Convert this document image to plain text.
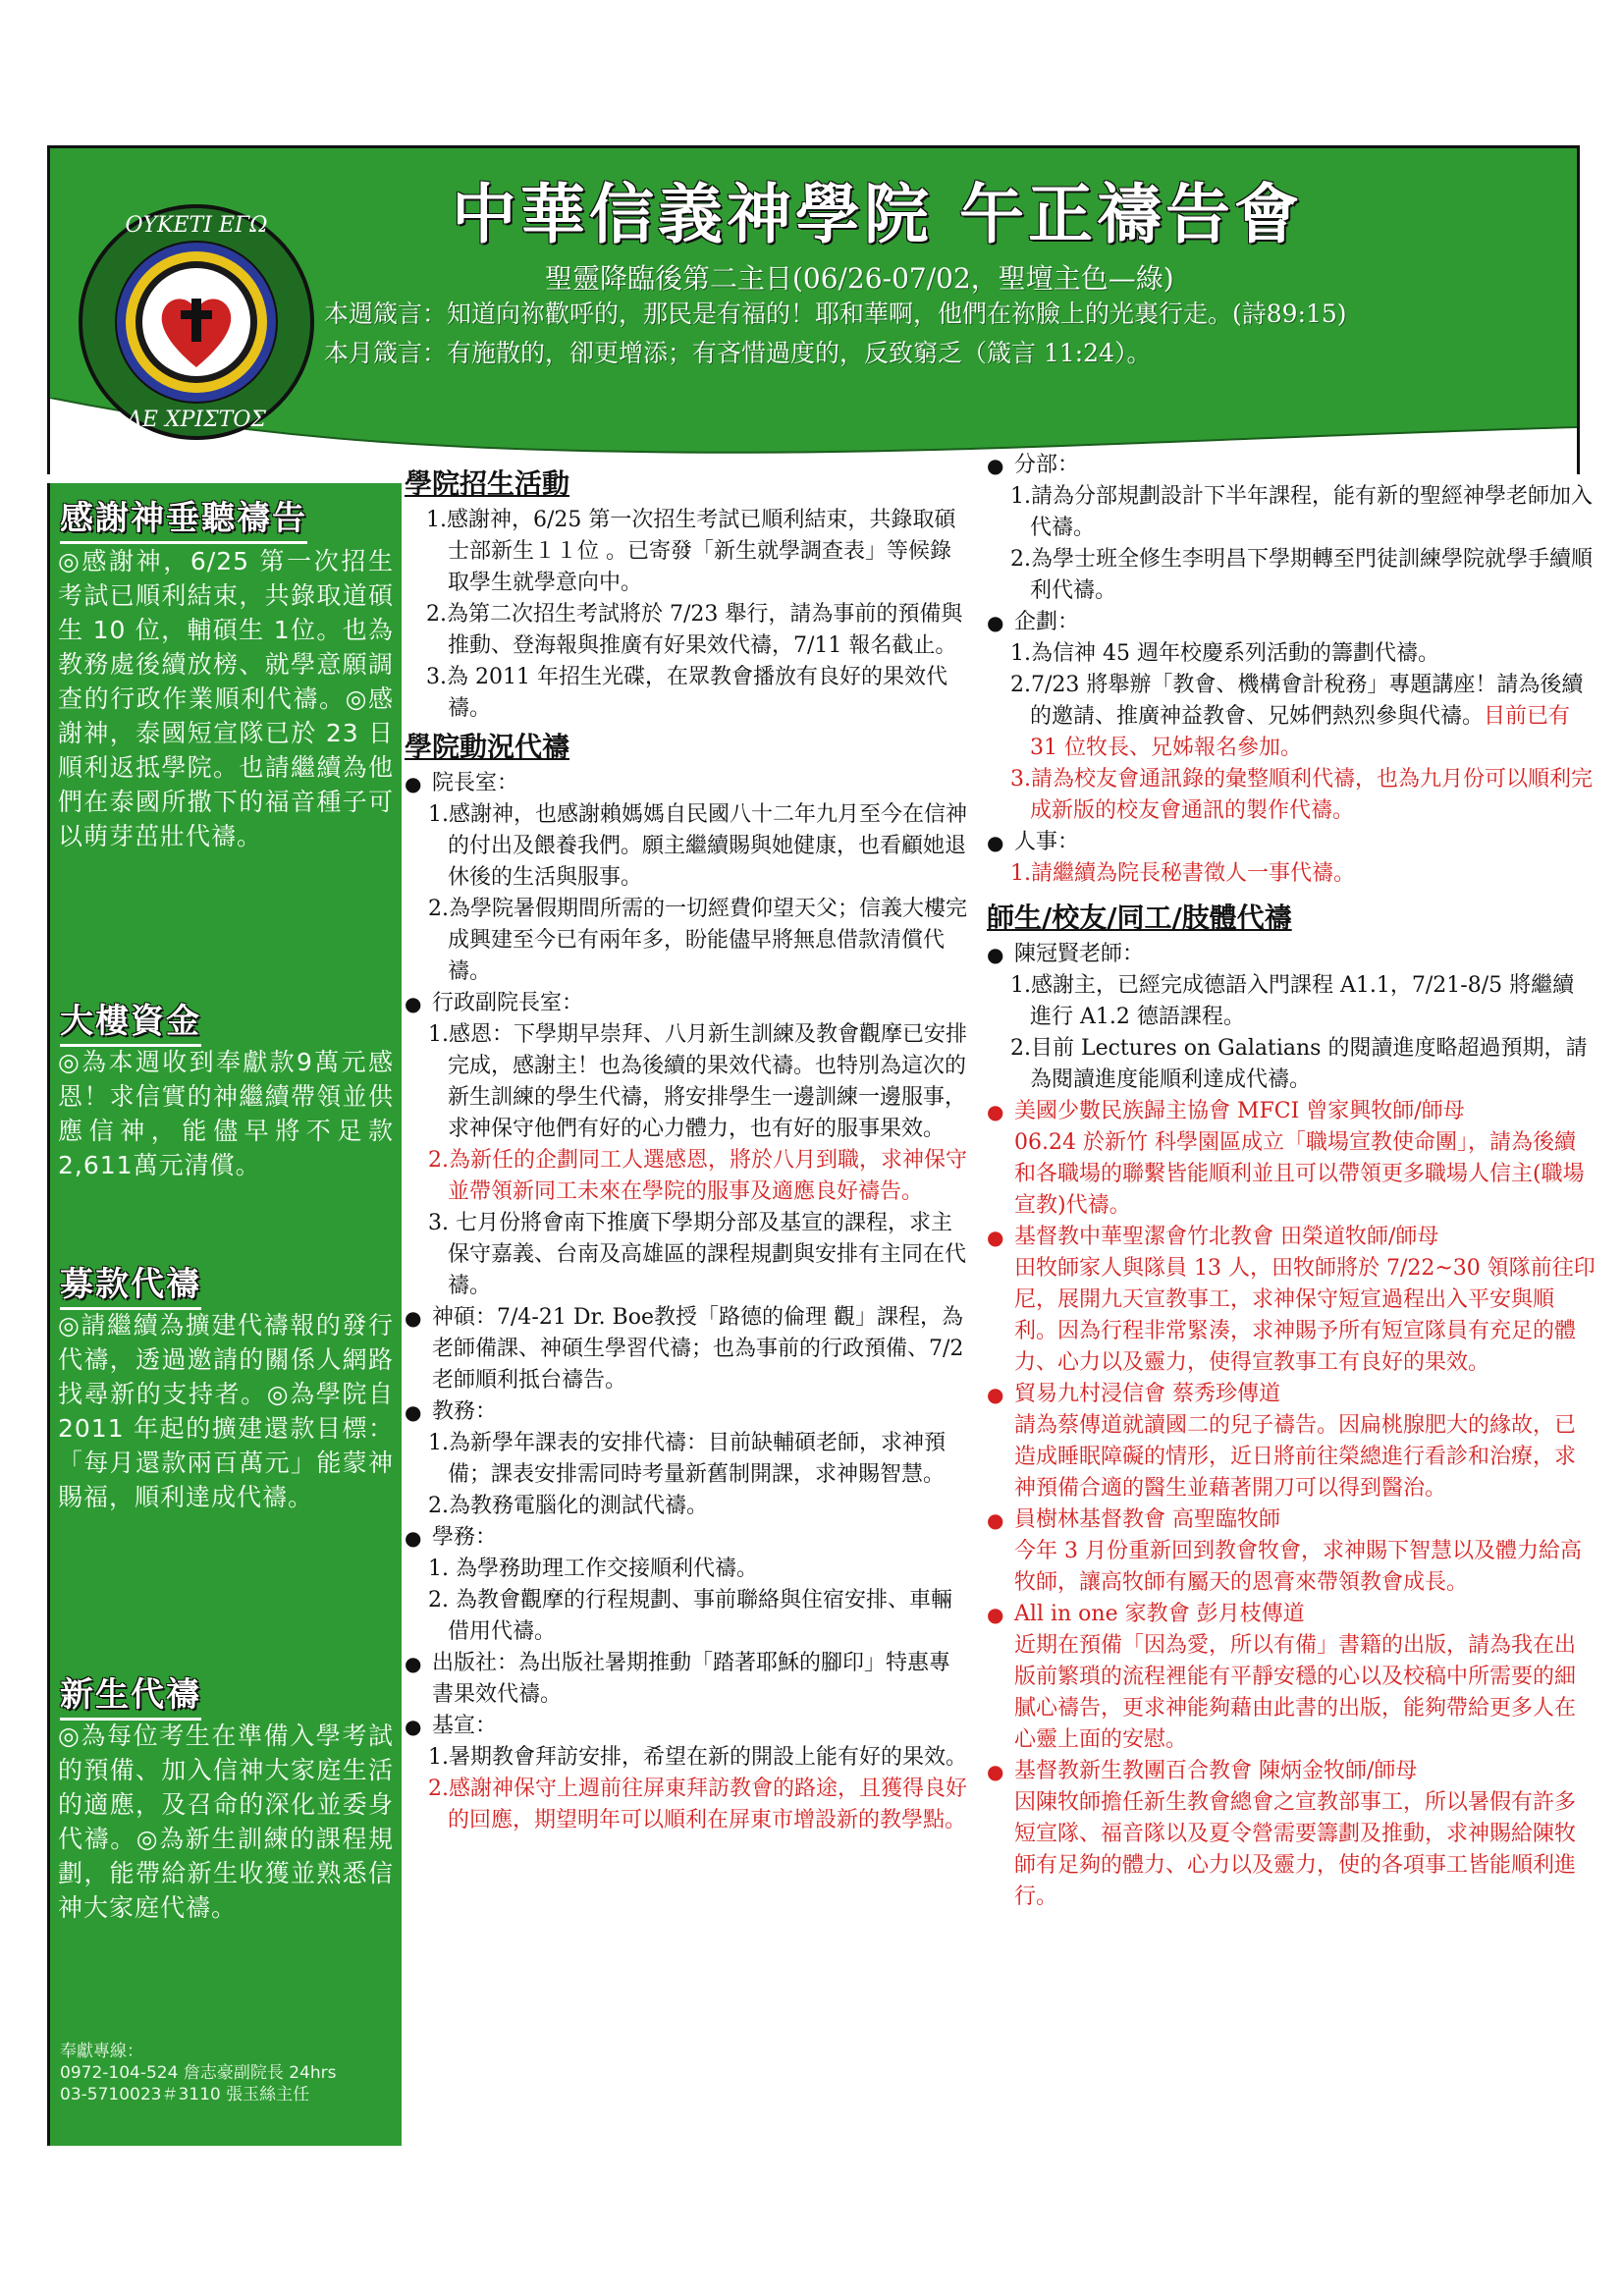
ΟΥΚΕΤΙ ΕΓΩ
ΔΕ ΧΡΙΣΤΟΣ
中華信義神學院 午正禱告會
聖靈降臨後第二主日(06/26-07/02，聖壇主色—綠)
本週箴言：知道向祢歡呼的，那民是有福的！耶和華啊，他們在祢臉上的光裏行走。(詩89:15)
本月箴言：有施散的，卻更增添；有吝惜過度的，反致窮乏（箴言 11:24）。
感謝神垂聽禱告
◎感謝神，6/25 第一次招生考試已順利結束，共錄取道碩生 10 位，輔碩生 1位。也為教務處後續放榜、就學意願調查的行政作業順利代禱。◎感謝神，泰國短宣隊已於 23 日順利返抵學院。也請繼續為他們在泰國所撒下的福音種子可以萌芽茁壯代禱。
大樓資金
◎為本週收到奉獻款9萬元感恩！求信實的神繼續帶領並供應信神，能儘早將不足款2,611萬元清償。
募款代禱
◎請繼續為擴建代禱報的發行代禱，透過邀請的關係人網路找尋新的支持者。◎為學院自 2011 年起的擴建還款目標：「每月還款兩百萬元」能蒙神賜福，順利達成代禱。
新生代禱
◎為每位考生在準備入學考試的預備、加入信神大家庭生活的適應，及召命的深化並委身代禱。◎為新生訓練的課程規劃，能帶給新生收獲並熟悉信神大家庭代禱。
奉獻專線：
0972-104-524 詹志豪副院長 24hrs
03-5710023＃3110 張玉絲主任
學院招生活動
1.感謝神，6/25 第一次招生考試已順利結束，共錄取碩士部新生１１位 。已寄發「新生就學調查表」等候錄取學生就學意向中。
2.為第二次招生考試將於 7/23 舉行，請為事前的預備與推動、登海報與推廣有好果效代禱，7/11 報名截止。
3.為 2011 年招生光碟，在眾教會播放有良好的果效代禱。
學院動況代禱
● 院長室：
1.感謝神，也感謝賴媽媽自民國八十二年九月至今在信神的付出及餵養我們。願主繼續賜與她健康，也看顧她退休後的生活與服事。
2.為學院暑假期間所需的一切經費仰望天父；信義大樓完成興建至今已有兩年多，盼能儘早將無息借款清償代禱。
● 行政副院長室：
1.感恩：下學期早崇拜、八月新生訓練及教會觀摩已安排完成，感謝主！也為後續的果效代禱。也特別為這次的新生訓練的學生代禱，將安排學生一邊訓練一邊服事，求神保守他們有好的心力體力，也有好的服事果效。
2.為新任的企劃同工人選感恩，將於八月到職，求神保守並帶領新同工未來在學院的服事及適應良好禱告。
3. 七月份將會南下推廣下學期分部及基宣的課程，求主保守嘉義、台南及高雄區的課程規劃與安排有主同在代禱。
● 神碩：7/4-21 Dr. Boe教授「路德的倫理 觀」課程，為老師備課、神碩生學習代禱；也為事前的行政預備、7/2老師順利抵台禱告。
● 教務：
1.為新學年課表的安排代禱：目前缺輔碩老師，求神預備；課表安排需同時考量新舊制開課，求神賜智慧。
2.為教務電腦化的測試代禱。
● 學務：
1. 為學務助理工作交接順利代禱。
2. 為教會觀摩的行程規劃、事前聯絡與住宿安排、車輛借用代禱。
● 出版社：為出版社暑期推動「踏著耶穌的腳印」特惠專書果效代禱。
● 基宣：
1.暑期教會拜訪安排，希望在新的開設上能有好的果效。
2.感謝神保守上週前往屏東拜訪教會的路途，且獲得良好的回應，期望明年可以順利在屏東市增設新的教學點。
● 分部：
1.請為分部規劃設計下半年課程，能有新的聖經神學老師加入代禱。
2.為學士班全修生李明昌下學期轉至門徒訓練學院就學手續順利代禱。
● 企劃：
1.為信神 45 週年校慶系列活動的籌劃代禱。
2.7/23 將舉辦「教會、機構會計稅務」專題講座！請為後續的邀請、推廣神益教會、兄姊們熱烈參與代禱。目前已有 31 位牧長、兄姊報名參加。
3.請為校友會通訊錄的彙整順利代禱，也為九月份可以順利完成新版的校友會通訊的製作代禱。
● 人事：
1.請繼續為院長秘書徵人一事代禱。
師生/校友/同工/肢體代禱
● 陳冠賢老師：
1.感謝主，已經完成德語入門課程 A1.1，7/21-8/5 將繼續進行 A1.2 德語課程。
2.目前 Lectures on Galatians 的閱讀進度略超過預期，請為閱讀進度能順利達成代禱。
● 美國少數民族歸主協會 MFCI 曾家興牧師/師母
06.24 於新竹 科學園區成立「職場宣教使命團」，請為後續和各職場的聯繫皆能順利並且可以帶領更多職場人信主(職場宣教)代禱。
● 基督教中華聖潔會竹北教會 田榮道牧師/師母
田牧師家人與隊員 13 人，田牧師將於 7/22~30 領隊前往印尼，展開九天宣教事工，求神保守短宣過程出入平安與順利。因為行程非常緊湊，求神賜予所有短宣隊員有充足的體力、心力以及靈力，使得宣教事工有良好的果效。
● 貿易九村浸信會 蔡秀珍傳道
請為蔡傳道就讀國二的兒子禱告。因扁桃腺肥大的緣故，已造成睡眠障礙的情形，近日將前往榮總進行看診和治療，求神預備合適的醫生並藉著開刀可以得到醫治。
● 員樹林基督教會 高聖臨牧師
今年 3 月份重新回到教會牧會，求神賜下智慧以及體力給高牧師，讓高牧師有屬天的恩膏來帶領教會成長。
● All in one 家教會 彭月枝傳道
近期在預備「因為愛，所以有備」書籍的出版，請為我在出版前繁瑣的流程裡能有平靜安穩的心以及校稿中所需要的細膩心禱告，更求神能夠藉由此書的出版，能夠帶給更多人在心靈上面的安慰。
● 基督教新生教團百合教會 陳炳金牧師/師母
因陳牧師擔任新生教會總會之宣教部事工，所以暑假有許多短宣隊、福音隊以及夏令營需要籌劃及推動，求神賜給陳牧師有足夠的體力、心力以及靈力，使的各項事工皆能順利進行。
